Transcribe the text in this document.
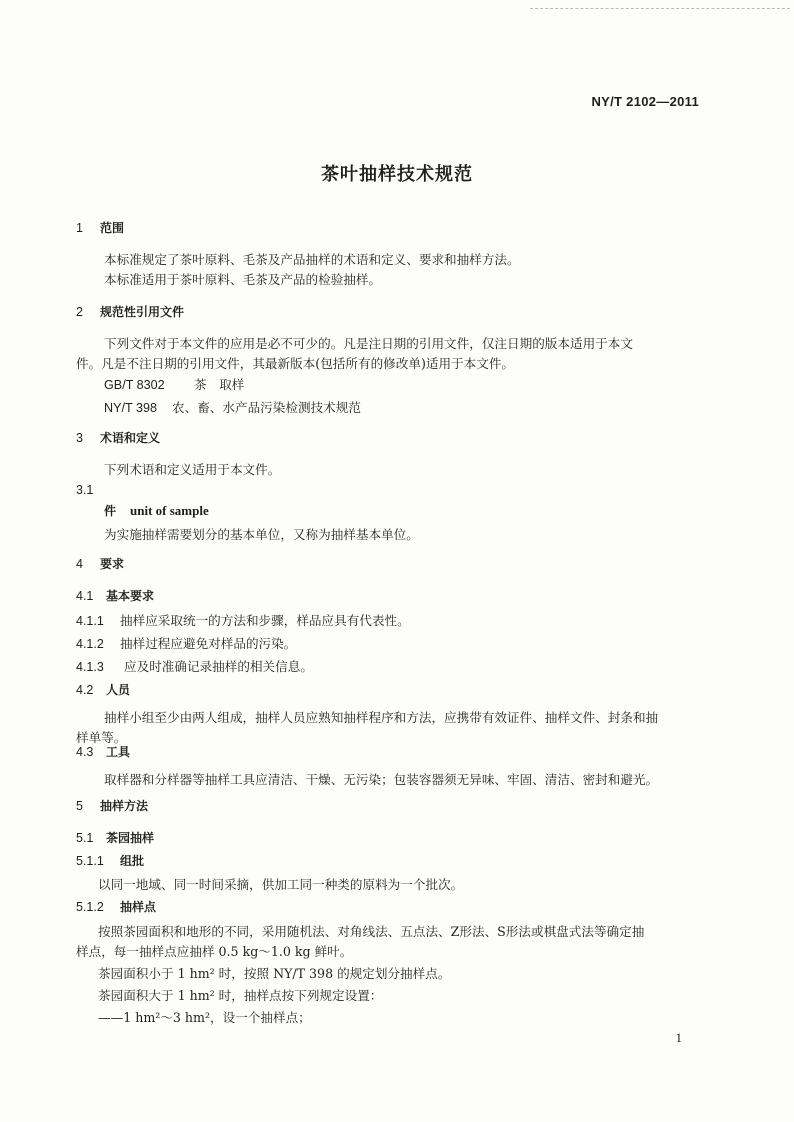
NY/T 2102—2011
茶叶抽样技术规范
1 范围
本标准规定了茶叶原料、毛茶及产品抽样的术语和定义、要求和抽样方法。
本标准适用于茶叶原料、毛茶及产品的检验抽样。
2 规范性引用文件
下列文件对于本文件的应用是必不可少的。凡是注日期的引用文件，仅注日期的版本适用于本文
件。凡是不注日期的引用文件，其最新版本(包括所有的修改单)适用于本文件。
GB/T 8302 茶　取样
NY/T 398 农、畜、水产品污染检测技术规范
3 术语和定义
下列术语和定义适用于本文件。
3.1
件 unit of sample
为实施抽样需要划分的基本单位，又称为抽样基本单位。
4 要求
4.1 基本要求
4.1.1 抽样应采取统一的方法和步骤，样品应具有代表性。
4.1.2 抽样过程应避免对样品的污染。
4.1.3 应及时准确记录抽样的相关信息。
4.2 人员
抽样小组至少由两人组成，抽样人员应熟知抽样程序和方法，应携带有效证件、抽样文件、封条和抽
样单等。
4.3 工具
取样器和分样器等抽样工具应清洁、干燥、无污染；包装容器须无异味、牢固、清洁、密封和避光。
5 抽样方法
5.1 茶园抽样
5.1.1 组批
以同一地域、同一时间采摘，供加工同一种类的原料为一个批次。
5.1.2 抽样点
按照茶园面积和地形的不同，采用随机法、对角线法、五点法、Z形法、S形法或棋盘式法等确定抽
样点，每一抽样点应抽样 0.5 kg～1.0 kg 鲜叶。
茶园面积小于 1 hm² 时，按照 NY/T 398 的规定划分抽样点。
茶园面积大于 1 hm² 时，抽样点按下列规定设置：
——1 hm²～3 hm²，设一个抽样点；
1
